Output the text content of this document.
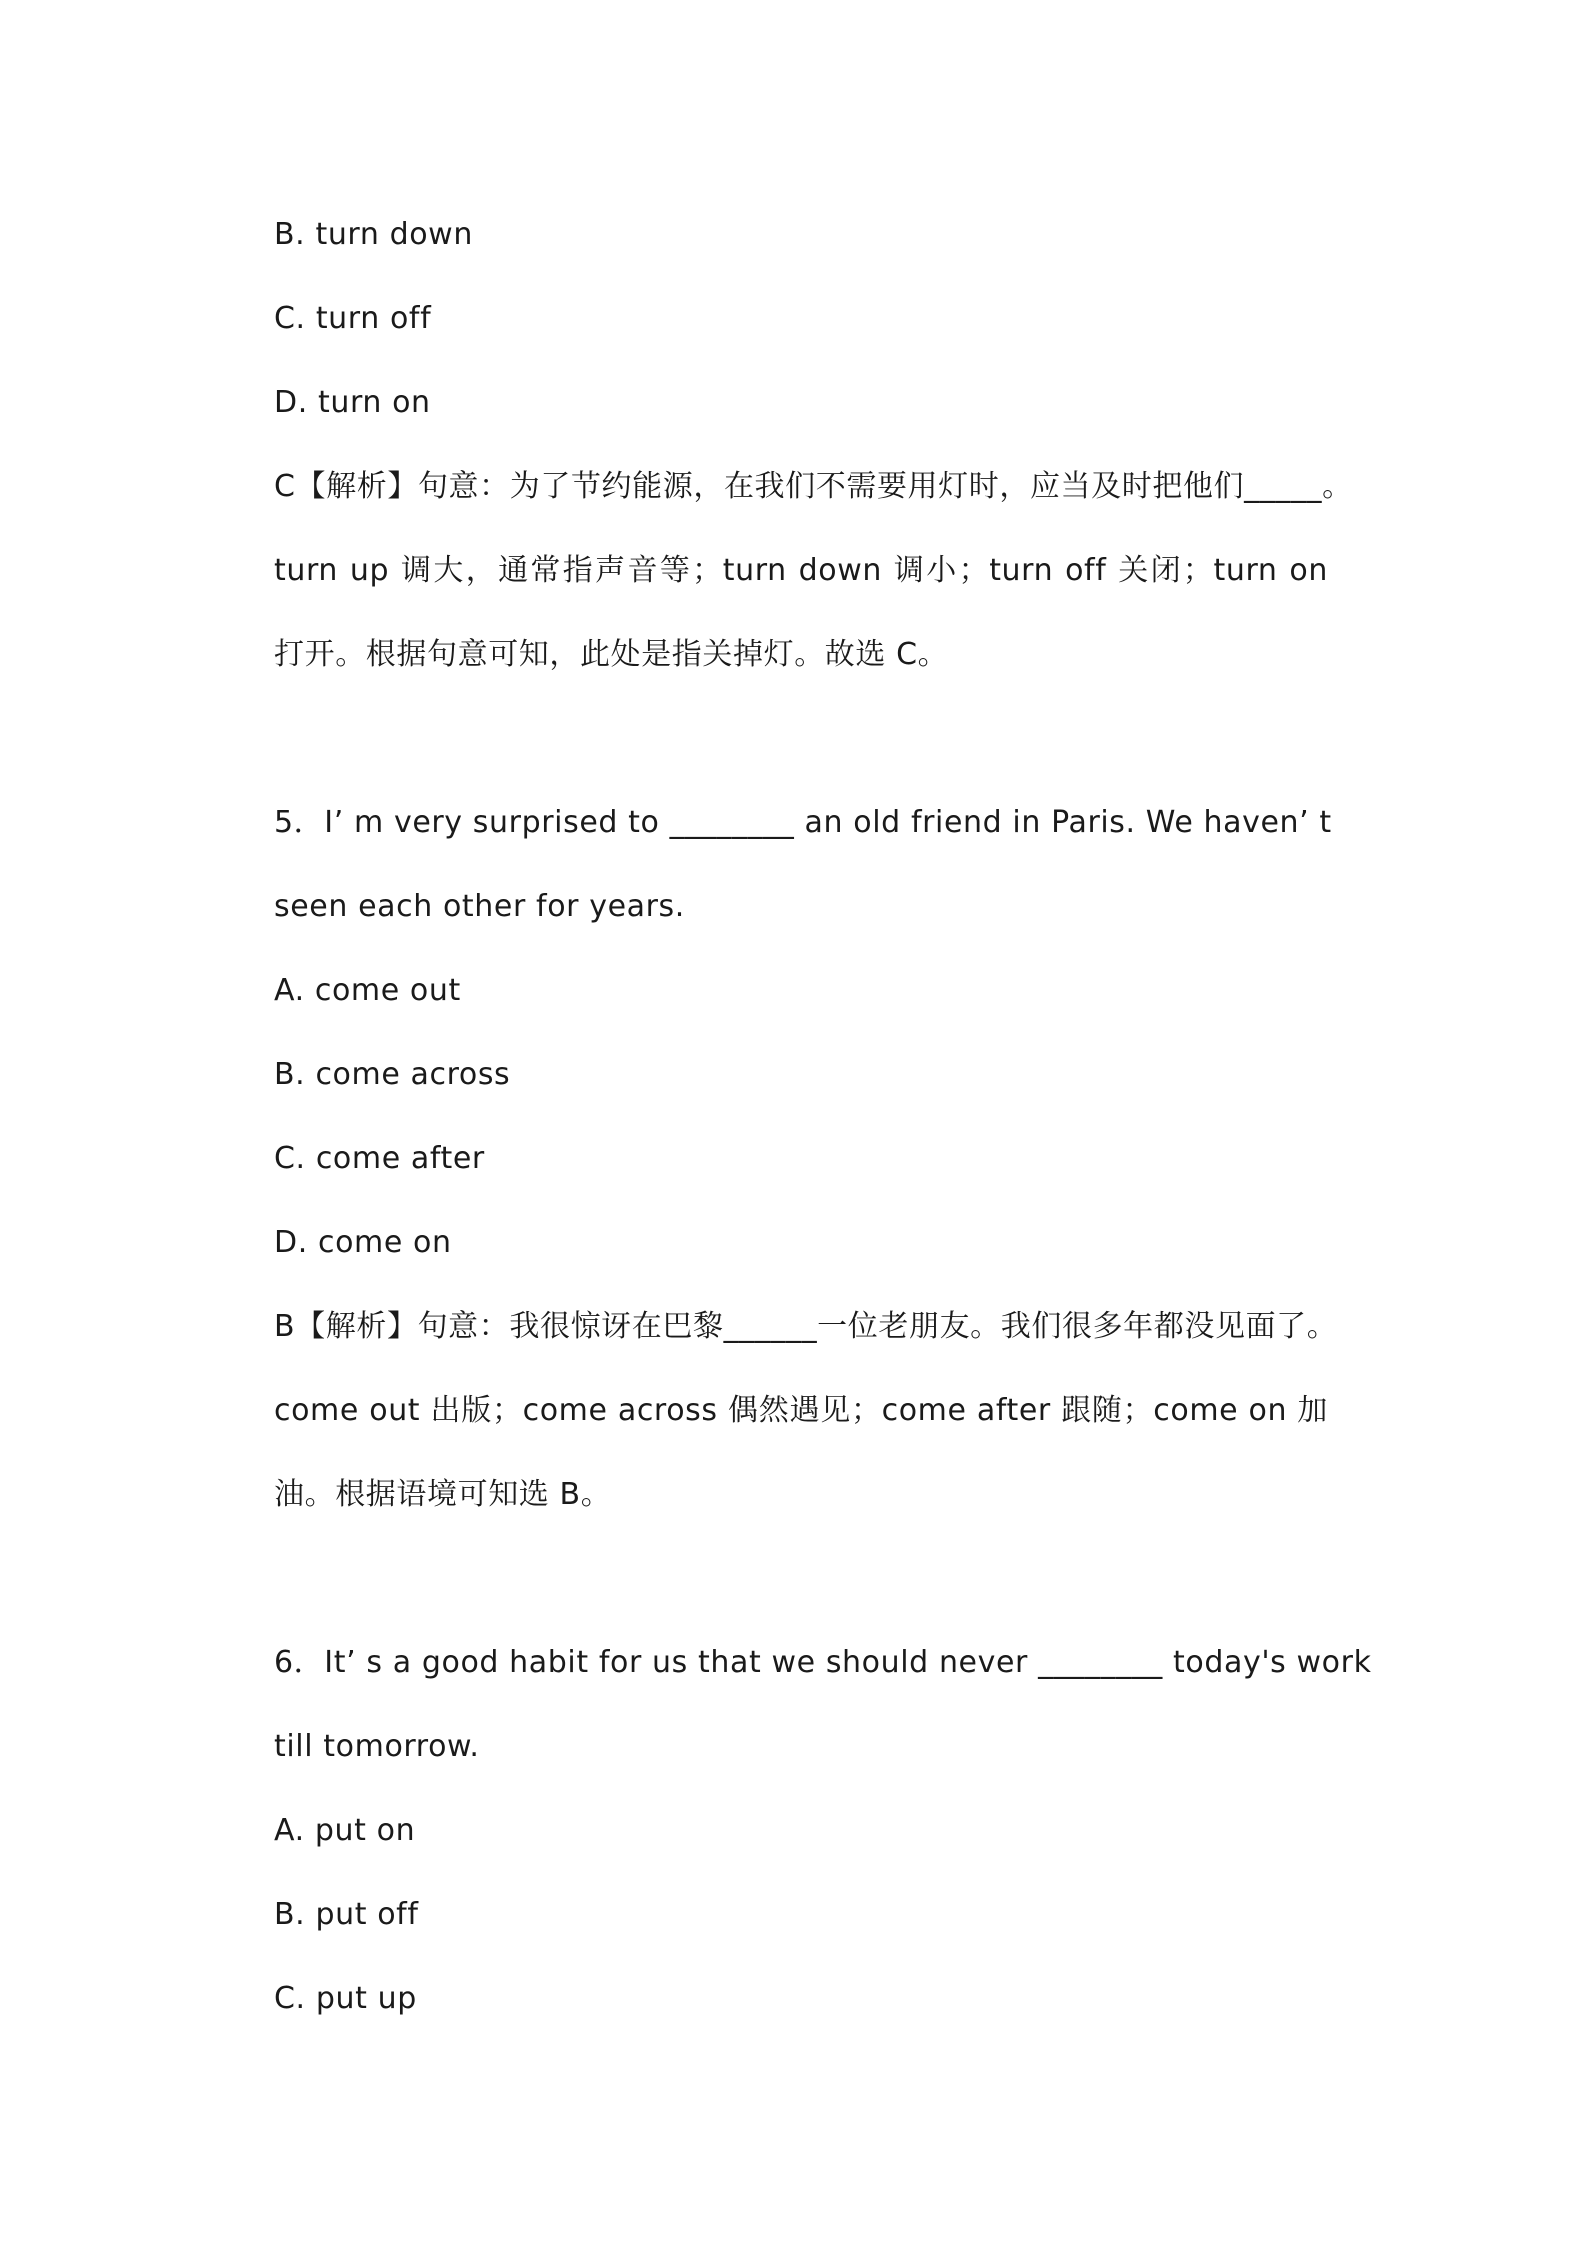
B. turn down
C. turn off
D. turn on
C【解析】句意：为了节约能源，在我们不需要用灯时，应当及时把他们_____。
turn up 调大，通常指声音等；turn down 调小；turn off 关闭；turn on
打开。根据句意可知，此处是指关掉灯。故选 C。
5．I’ m very surprised to ________ an old friend in Paris. We haven’ t
seen each other for years.
A. come out
B. come across
C. come after
D. come on
B【解析】句意：我很惊讶在巴黎______一位老朋友。我们很多年都没见面了。
come out 出版；come across 偶然遇见；come after 跟随；come on 加
油。根据语境可知选 B。
6．It’ s a good habit for us that we should never ________ today's work
till tomorrow.
A. put on
B. put off
C. put up
